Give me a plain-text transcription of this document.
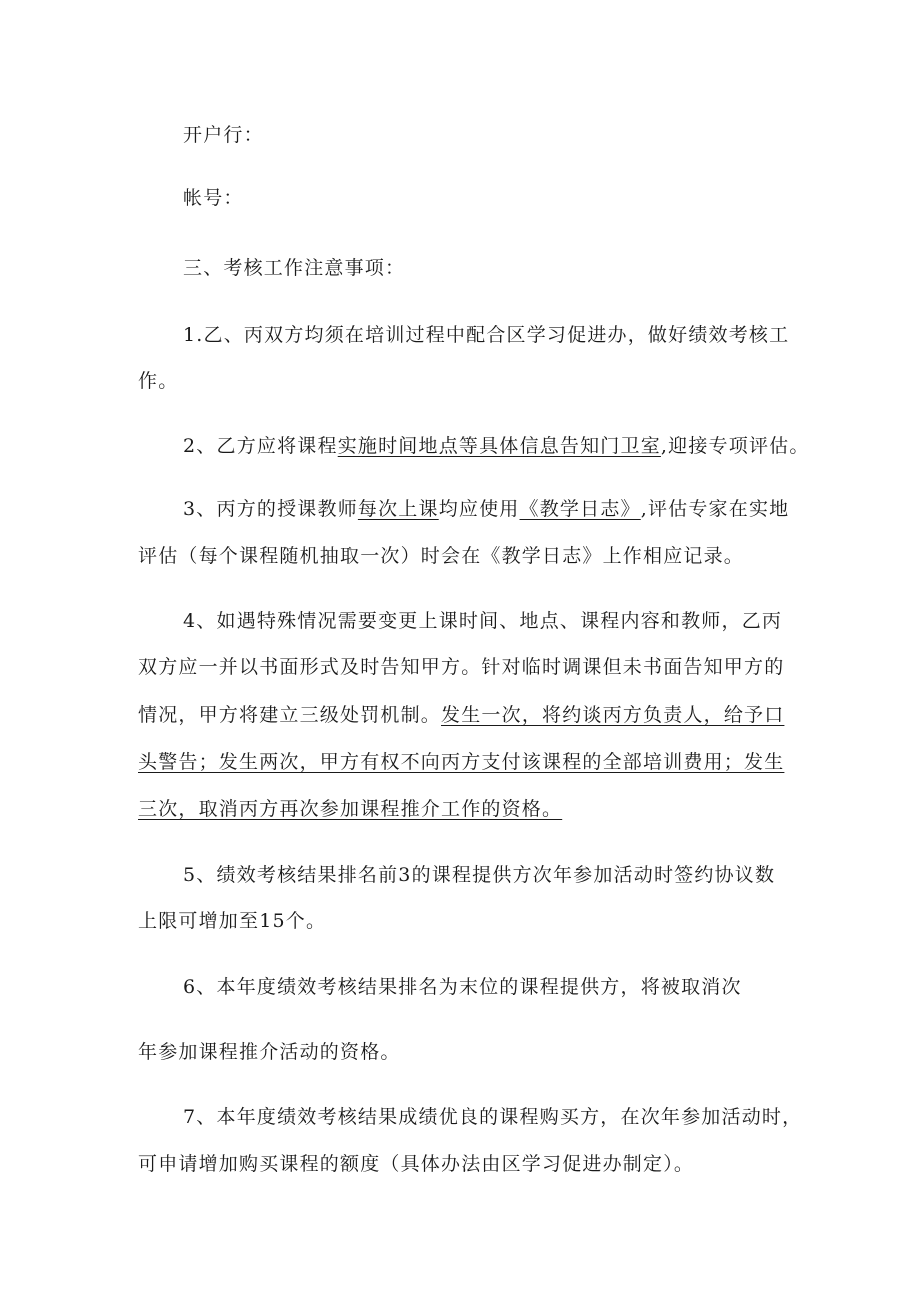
开户行：
帐号：
三、考核工作注意事项：
1.乙、丙双方均须在培训过程中配合区学习促进办，做好绩效考核工
作。
2、乙方应将课程实施时间地点等具体信息告知门卫室,迎接专项评估。
3、丙方的授课教师每次上课均应使用《教学日志》,评估专家在实地
评估（每个课程随机抽取一次）时会在《教学日志》上作相应记录。
4、如遇特殊情况需要变更上课时间、地点、课程内容和教师，乙丙
双方应一并以书面形式及时告知甲方。针对临时调课但未书面告知甲方的
情况，甲方将建立三级处罚机制。发生一次，将约谈丙方负责人，给予口
头警告；发生两次，甲方有权不向丙方支付该课程的全部培训费用；发生
三次，取消丙方再次参加课程推介工作的资格。
5、绩效考核结果排名前3的课程提供方次年参加活动时签约协议数
上限可增加至15个。
6、本年度绩效考核结果排名为末位的课程提供方，将被取消次
年参加课程推介活动的资格。
7、本年度绩效考核结果成绩优良的课程购买方，在次年参加活动时，
可申请增加购买课程的额度（具体办法由区学习促进办制定）。
